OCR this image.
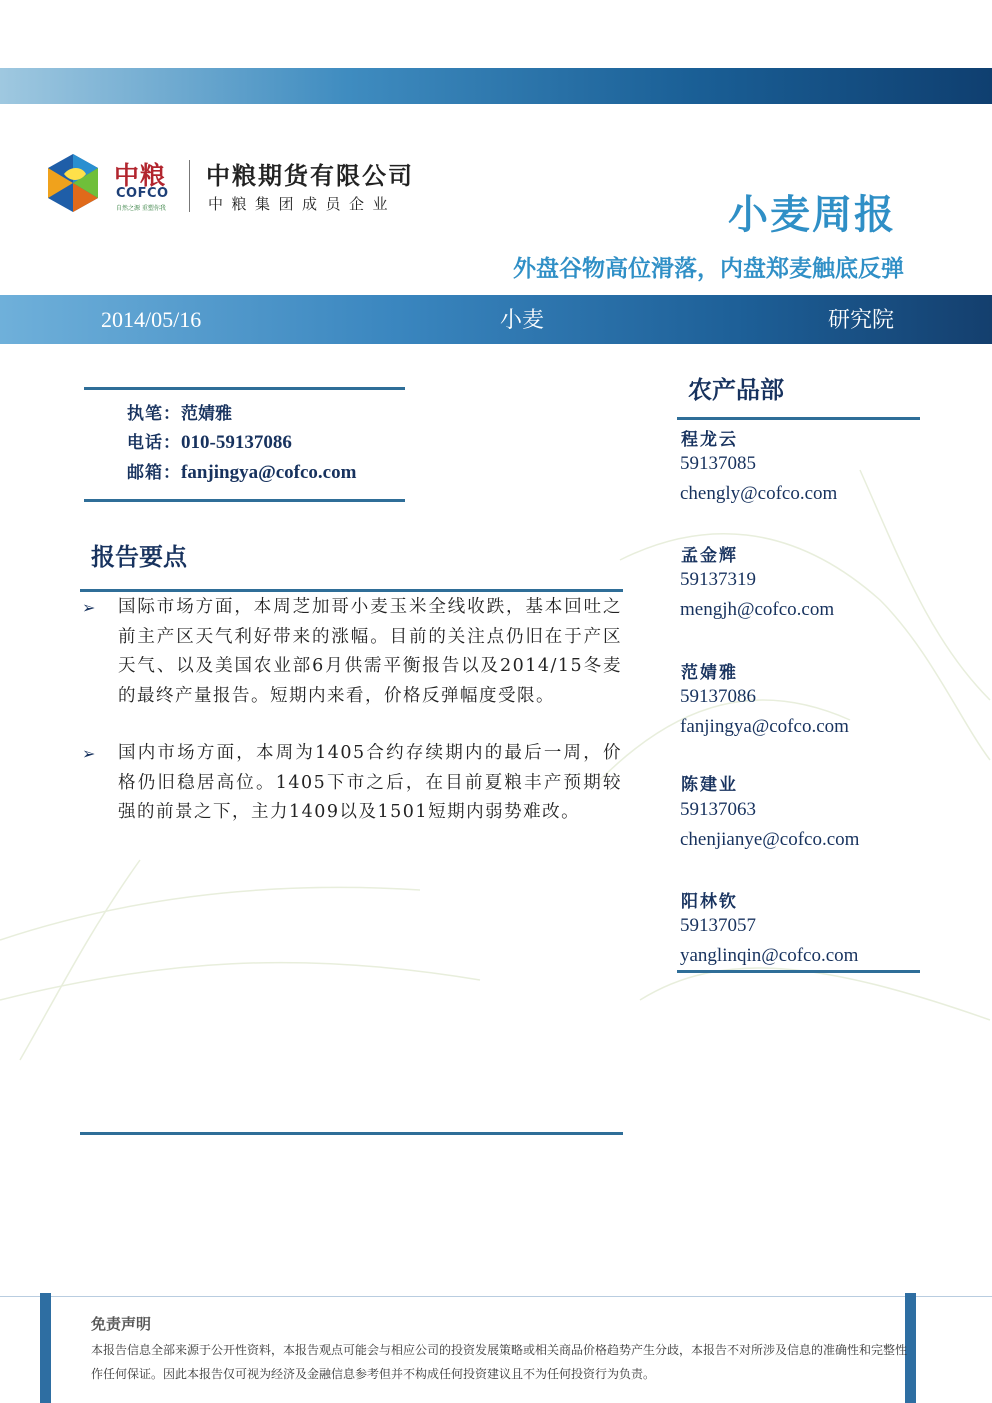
中粮
COFCO
自然之源 重塑你我
中粮期货有限公司
中粮集团成员企业	小麦周报
外盘谷物高位滑落，内盘郑麦触底反弹
2014/05/16	小麦	研究院
执笔：范婧雅
电话：010-59137086
邮箱：fanjingya@cofco.com
报告要点
➢ 国际市场方面，本周芝加哥小麦玉米全线收跌，基本回吐之前主产区天气利好带来的涨幅。目前的关注点仍旧在于产区天气、以及美国农业部6月供需平衡报告以及2014/15冬麦的最终产量报告。短期内来看，价格反弹幅度受限。
➢ 国内市场方面，本周为1405合约存续期内的最后一周，价格仍旧稳居高位。1405下市之后，在目前夏粮丰产预期较强的前景之下，主力1409以及1501短期内弱势难改。
农产品部
程龙云
59137085
chengly@cofco.com
孟金辉
59137319
mengjh@cofco.com
范婧雅
59137086
fanjingya@cofco.com
陈建业
59137063
chenjianye@cofco.com
阳林钦
59137057
yanglinqin@cofco.com
免责声明
本报告信息全部来源于公开性资料，本报告观点可能会与相应公司的投资发展策略或相关商品价格趋势产生分歧，本报告不对所涉及信息的准确性和完整性作任何保证。因此本报告仅可视为经济及金融信息参考但并不构成任何投资建议且不为任何投资行为负责。
